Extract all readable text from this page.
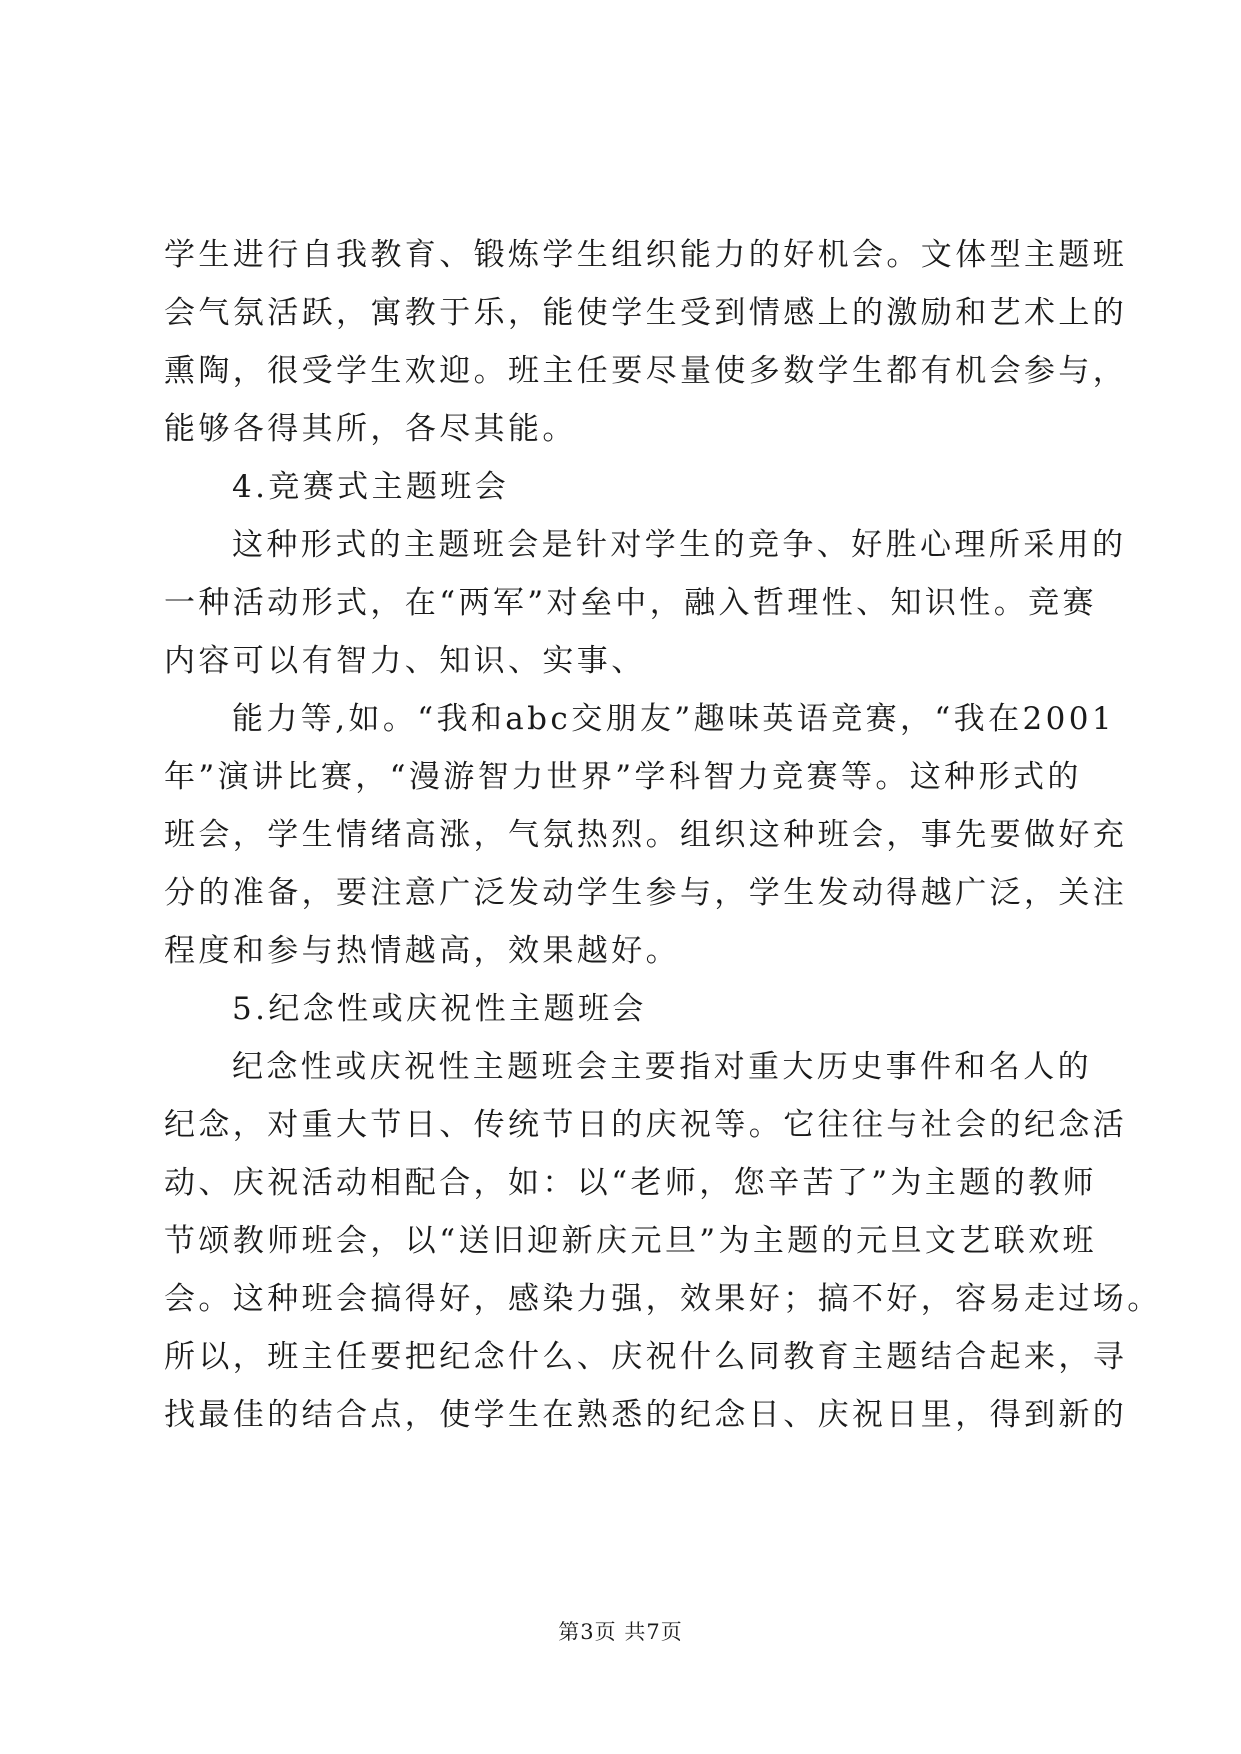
学生进行自我教育、锻炼学生组织能力的好机会。文体型主题班
会气氛活跃，寓教于乐，能使学生受到情感上的激励和艺术上的
熏陶，很受学生欢迎。班主任要尽量使多数学生都有机会参与，
能够各得其所，各尽其能。
4.竞赛式主题班会
这种形式的主题班会是针对学生的竞争、好胜心理所采用的
一种活动形式，在“两军”对垒中，融入哲理性、知识性。竞赛
内容可以有智力、知识、实事、
能力等,如。“我和abc交朋友”趣味英语竞赛，“我在2001
年”演讲比赛，“漫游智力世界”学科智力竞赛等。这种形式的
班会，学生情绪高涨，气氛热烈。组织这种班会，事先要做好充
分的准备，要注意广泛发动学生参与，学生发动得越广泛，关注
程度和参与热情越高，效果越好。
5.纪念性或庆祝性主题班会
纪念性或庆祝性主题班会主要指对重大历史事件和名人的
纪念，对重大节日、传统节日的庆祝等。它往往与社会的纪念活
动、庆祝活动相配合，如：以“老师，您辛苦了”为主题的教师
节颂教师班会，以“送旧迎新庆元旦”为主题的元旦文艺联欢班
会。这种班会搞得好，感染力强，效果好；搞不好，容易走过场。
所以，班主任要把纪念什么、庆祝什么同教育主题结合起来，寻
找最佳的结合点，使学生在熟悉的纪念日、庆祝日里，得到新的
第3页 共7页
